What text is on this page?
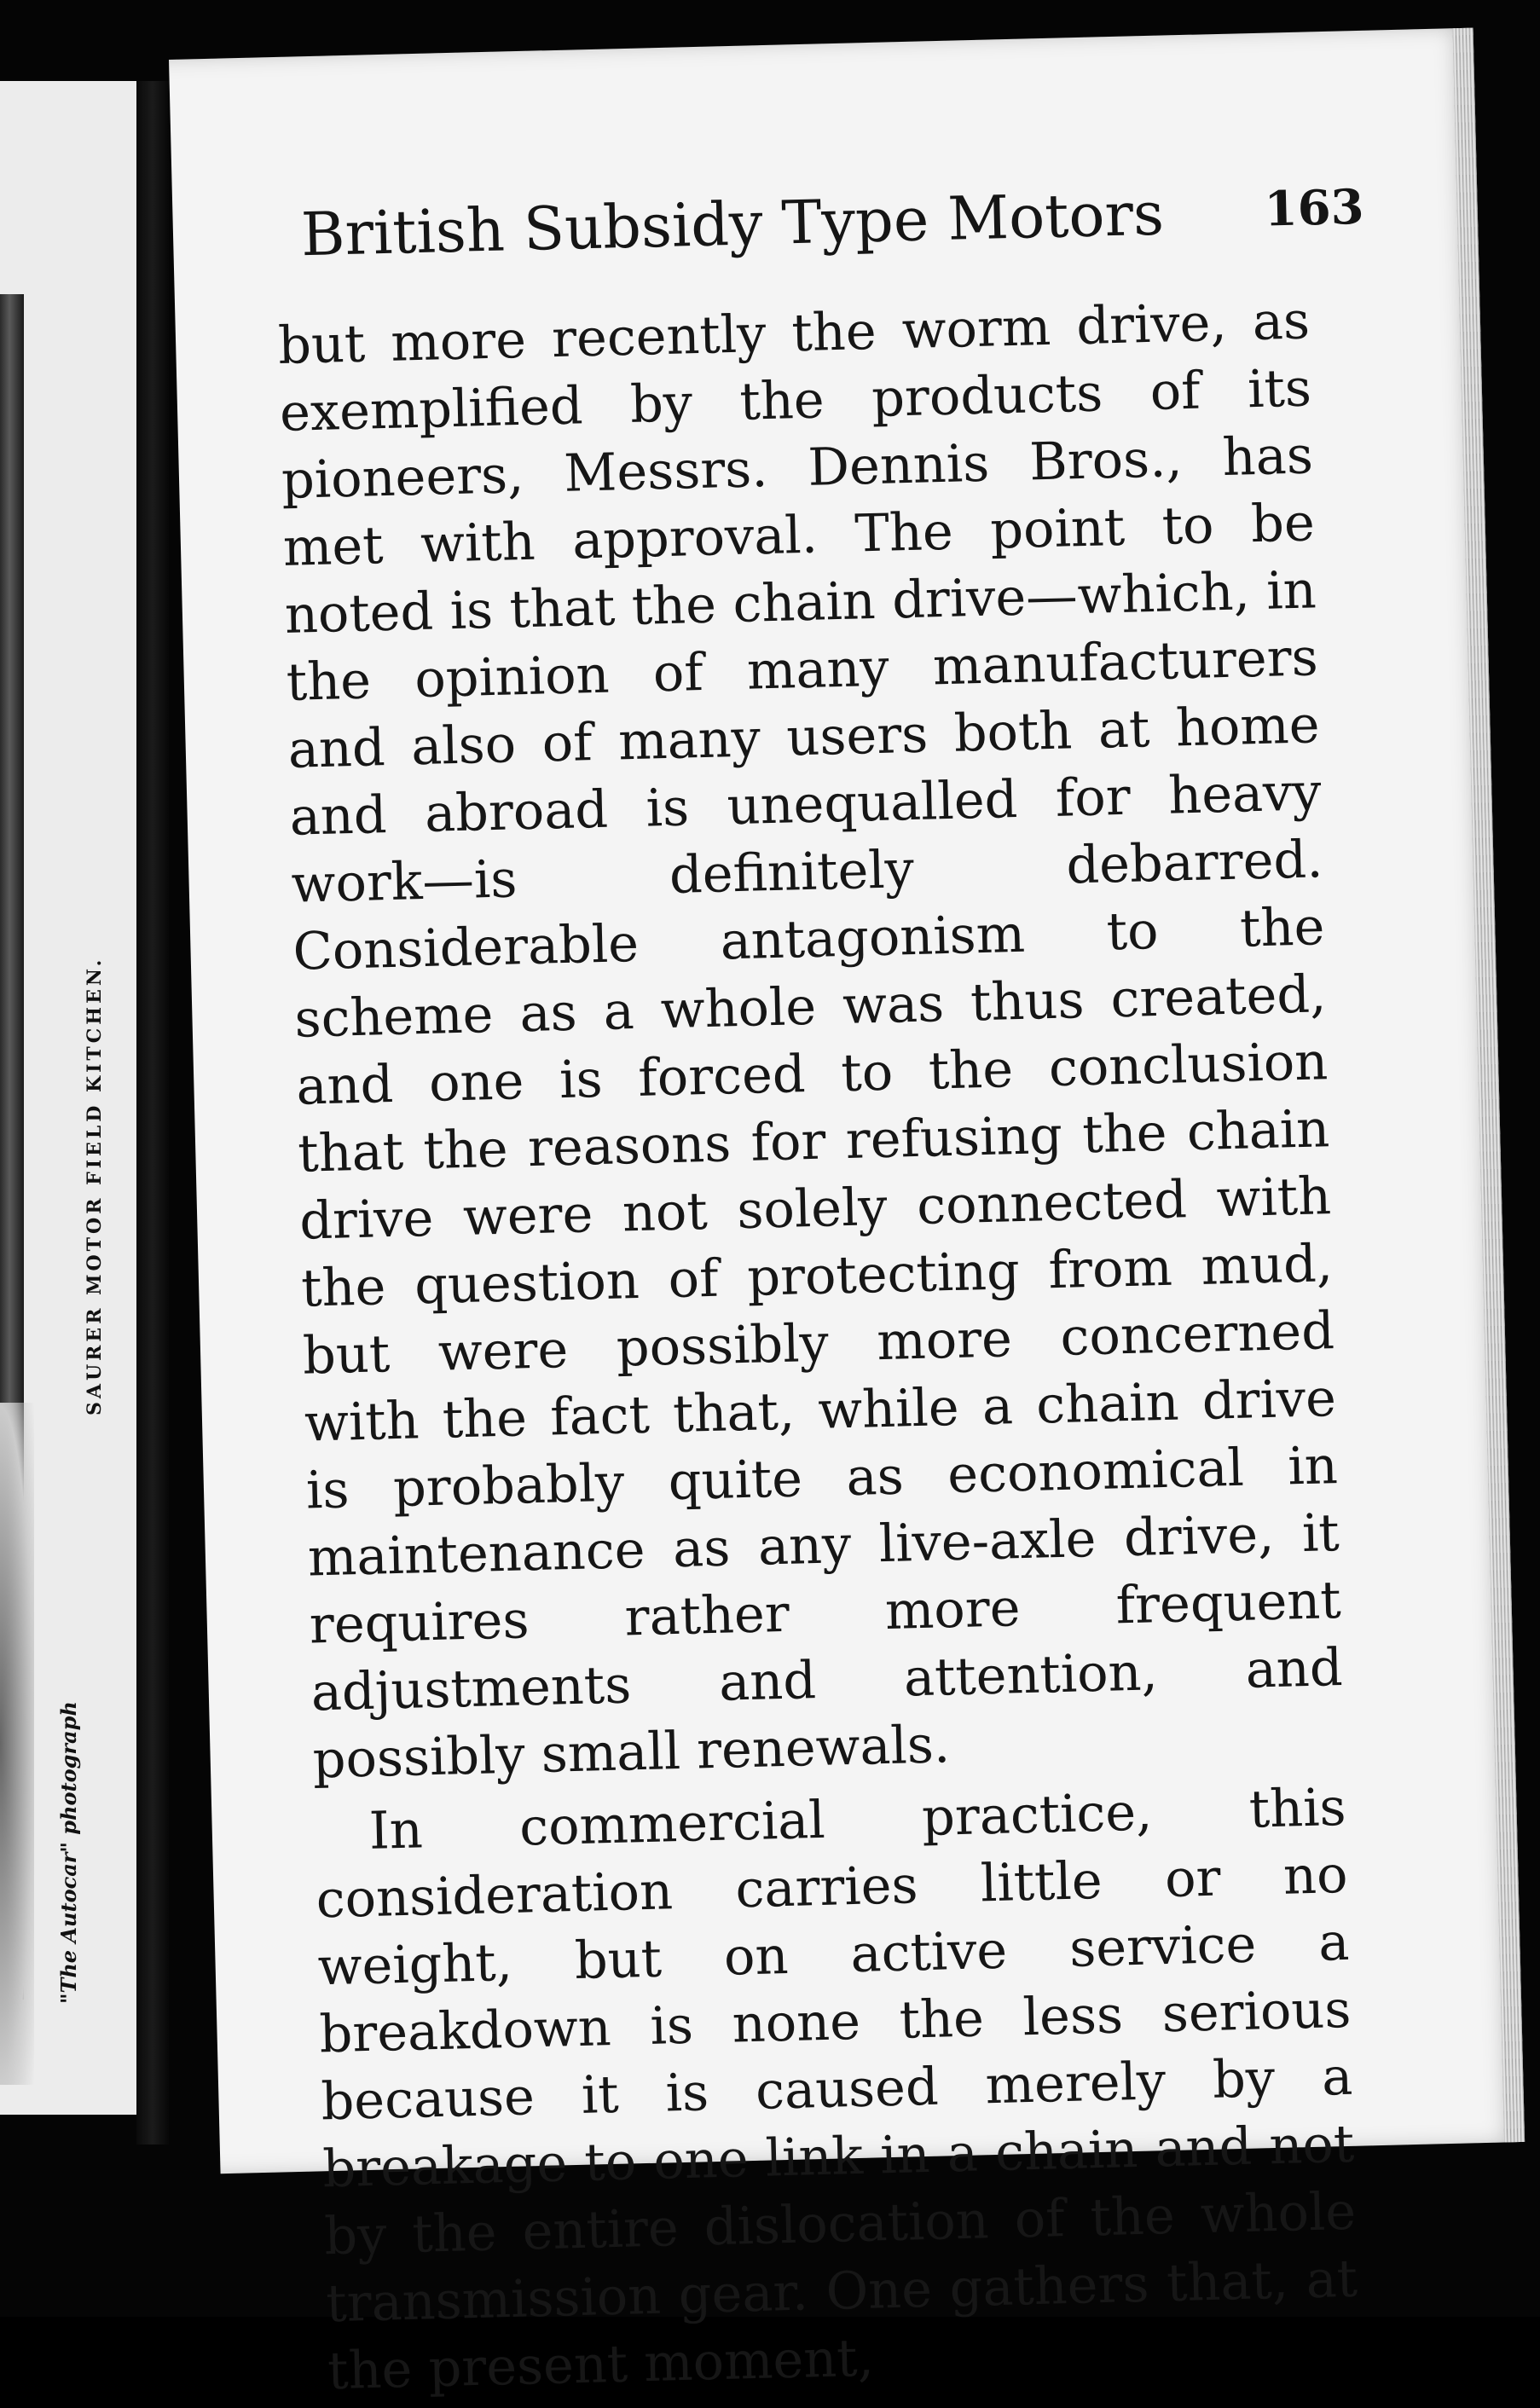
SAURER MOTOR FIELD KITCHEN.
"The Autocar" photograph
British Subsidy Type Motors 163

but more recently the worm drive, as exemplified by the products of its pioneers, Messrs. Dennis Bros., has met with approval. The point to be noted is that the chain drive—which, in the opinion of many manufacturers and also of many users both at home and abroad is unequalled for heavy work—is definitely debarred. Considerable antagonism to the scheme as a whole was thus created, and one is forced to the conclusion that the reasons for refusing the chain drive were not solely connected with the question of protecting from mud, but were possibly more concerned with the fact that, while a chain drive is probably quite as economical in maintenance as any live-axle drive, it requires rather more frequent adjustments and attention, and possibly small renewals.

In commercial practice, this consideration carries little or no weight, but on active service a breakdown is none the less serious because it is caused merely by a breakage to one link in a chain and not by the entire dislocation of the whole transmission gear. One gathers that, at the present moment,
